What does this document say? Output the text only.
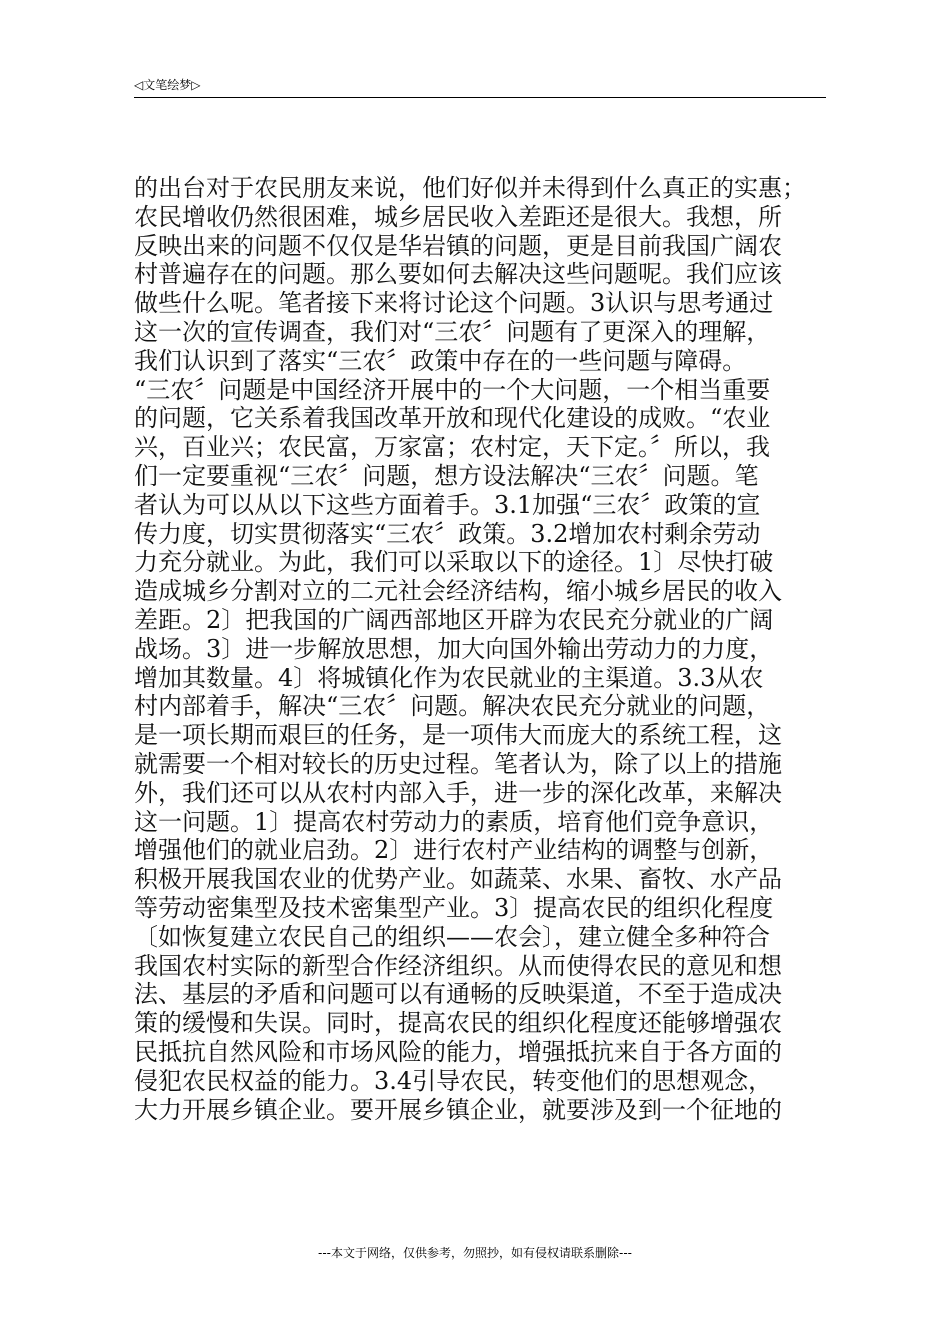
◁文笔绘梦▷
的出台对于农民朋友来说，他们好似并未得到什么真正的实惠；
农民增收仍然很困难，城乡居民收入差距还是很大。我想，所
反映出来的问题不仅仅是华岩镇的问题，更是目前我国广阔农
村普遍存在的问题。那么要如何去解决这些问题呢。我们应该
做些什么呢。笔者接下来将讨论这个问题。3认识与思考通过
这一次的宣传调查，我们对“三农〞问题有了更深入的理解，
我们认识到了落实“三农〞政策中存在的一些问题与障碍。
“三农〞问题是中国经济开展中的一个大问题，一个相当重要
的问题，它关系着我国改革开放和现代化建设的成败。“农业
兴，百业兴；农民富，万家富；农村定，天下定。〞所以，我
们一定要重视“三农〞问题，想方设法解决“三农〞问题。笔
者认为可以从以下这些方面着手。3.1加强“三农〞政策的宣
传力度，切实贯彻落实“三农〞政策。3.2增加农村剩余劳动
力充分就业。为此，我们可以采取以下的途径。1〕尽快打破
造成城乡分割对立的二元社会经济结构，缩小城乡居民的收入
差距。2〕把我国的广阔西部地区开辟为农民充分就业的广阔
战场。3〕进一步解放思想，加大向国外输出劳动力的力度，
增加其数量。4〕将城镇化作为农民就业的主渠道。3.3从农
村内部着手，解决“三农〞问题。解决农民充分就业的问题，
是一项长期而艰巨的任务，是一项伟大而庞大的系统工程，这
就需要一个相对较长的历史过程。笔者认为，除了以上的措施
外，我们还可以从农村内部入手，进一步的深化改革，来解决
这一问题。1〕提高农村劳动力的素质，培育他们竞争意识，
增强他们的就业启劲。2〕进行农村产业结构的调整与创新，
积极开展我国农业的优势产业。如蔬菜、水果、畜牧、水产品
等劳动密集型及技术密集型产业。3〕提高农民的组织化程度
〔如恢复建立农民自己的组织——农会〕，建立健全多种符合
我国农村实际的新型合作经济组织。从而使得农民的意见和想
法、基层的矛盾和问题可以有通畅的反映渠道，不至于造成决
策的缓慢和失误。同时，提高农民的组织化程度还能够增强农
民抵抗自然风险和市场风险的能力，增强抵抗来自于各方面的
侵犯农民权益的能力。3.4引导农民，转变他们的思想观念，
大力开展乡镇企业。要开展乡镇企业，就要涉及到一个征地的
---本文于网络，仅供参考，勿照抄，如有侵权请联系删除---
